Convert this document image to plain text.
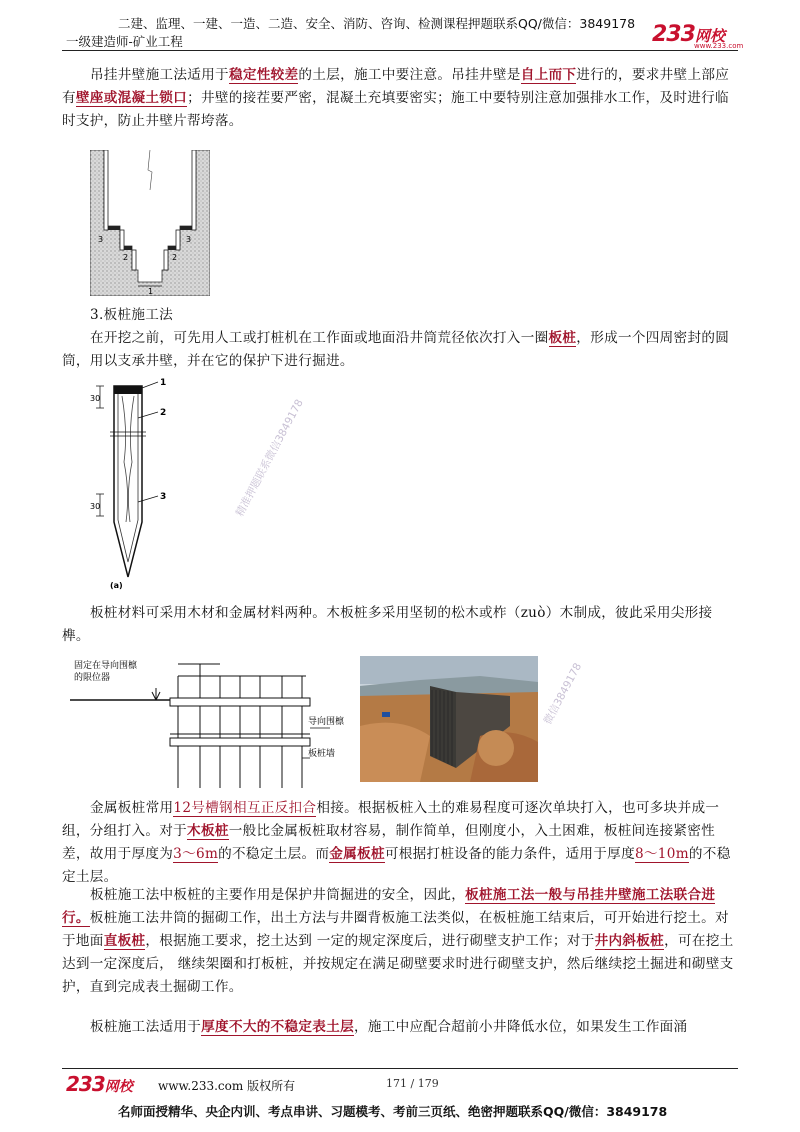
二建、监理、一建、一造、二造、安全、消防、咨询、检测课程押题联系QQ/微信：3849178
一级建造师-矿业工程	233网校
www.233.com
吊挂井壁施工法适用于稳定性较差的土层，施工中要注意。吊挂井壁是自上而下进行的，要求井壁上部应有壁座或混凝土锁口；井壁的接茬要严密，混凝土充填要密实；施工中要特别注意加强排水工作，及时进行临时支护，防止井壁片帮垮落。
3
2
1
3
2
3.板桩施工法
在开挖之前，可先用人工或打桩机在工作面或地面沿井筒荒径依次打入一圈板桩，形成一个四周密封的圆筒，用以支承井壁，并在它的保护下进行掘进。
30
30
1
2
3
(a)
精准押题联系微信3849178
板桩材料可采用木材和金属材料两种。木板桩多采用坚韧的松木或柞（zuò）木制成，彼此采用尖形接榫。
固定在导向围檩
的限位器
导向围檩
板桩墙
微信3849178
金属板桩常用12号槽钢相互正反扣合相接。根据板桩入土的难易程度可逐次单块打入，也可多块并成一组，分组打入。对于木板桩一般比金属板桩取材容易，制作简单，但刚度小，入土困难，板桩间连接紧密性差，故用于厚度为3～6m的不稳定土层。而金属板桩可根据打桩设备的能力条件，适用于厚度8～10m的不稳定土层。
板桩施工法中板桩的主要作用是保护井筒掘进的安全，因此，板桩施工法一般与吊挂井壁施工法联合进行。板桩施工法井筒的掘砌工作，出土方法与井圈背板施工法类似，在板桩施工结束后，可开始进行挖土。对于地面直板桩，根据施工要求，挖土达到 一定的规定深度后，进行砌壁支护工作；对于井内斜板桩，可在挖土达到一定深度后， 继续架圈和打板桩，并按规定在满足砌壁要求时进行砌壁支护，然后继续挖土掘进和砌壁支护，直到完成表土掘砌工作。
板桩施工法适用于厚度不大的不稳定表土层，施工中应配合超前小井降低水位，如果发生工作面涌
233网校 www.233.com 版权所有	171 / 179
名师面授精华、央企内训、考点串讲、习题模考、考前三页纸、绝密押题联系QQ/微信：3849178
